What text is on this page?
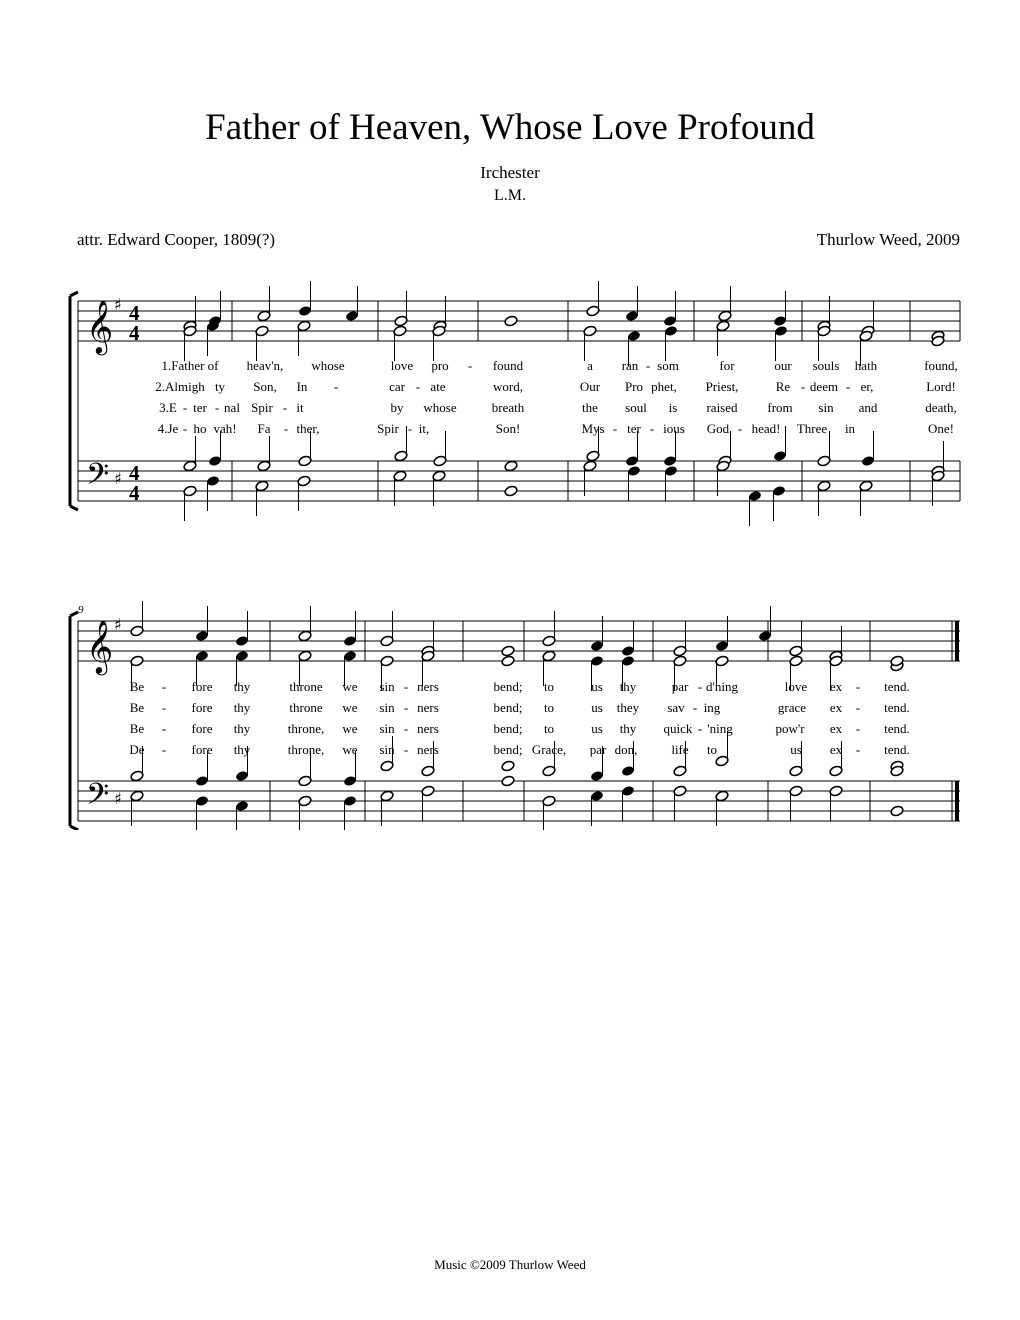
Father of Heaven, Whose Love Profound
Irchester
L.M.
attr. Edward Cooper, 1809(?)	Thurlow Weed, 2009
𝄞
𝄢
♯
♯
4
4
4
4
1.Father of heav'n, whose	love pro - found	a ran - som	for	our souls hath	found,
2.Almigh ty Son, In -	car - ate	word,	Our Pro phet, Priest,	Re - deem - er,	Lord!
3.E - ter - nal Spir - it	by whose	breath	the soul is raised from sin and	death,
4.Je - ho vah! Fa - ther,	Spir - it,	Son!	Mys - ter - ious God - head! Three in	One!
9
𝄞
𝄢
♯
♯
Be - fore thy	throne we sin - ners	bend; to	us thy	par - d'ning	love ex - tend.
Be - fore thy	throne we sin - ners	bend; to	us they sav - ing	grace ex - tend.
Be - fore thy	throne, we sin - ners	bend; to	us thy quick - 'ning	pow'r ex - tend.
De - fore thy	throne, we sin - ners	bend; Grace, par don,	life to	us ex - tend.
Music ©2009 Thurlow Weed
